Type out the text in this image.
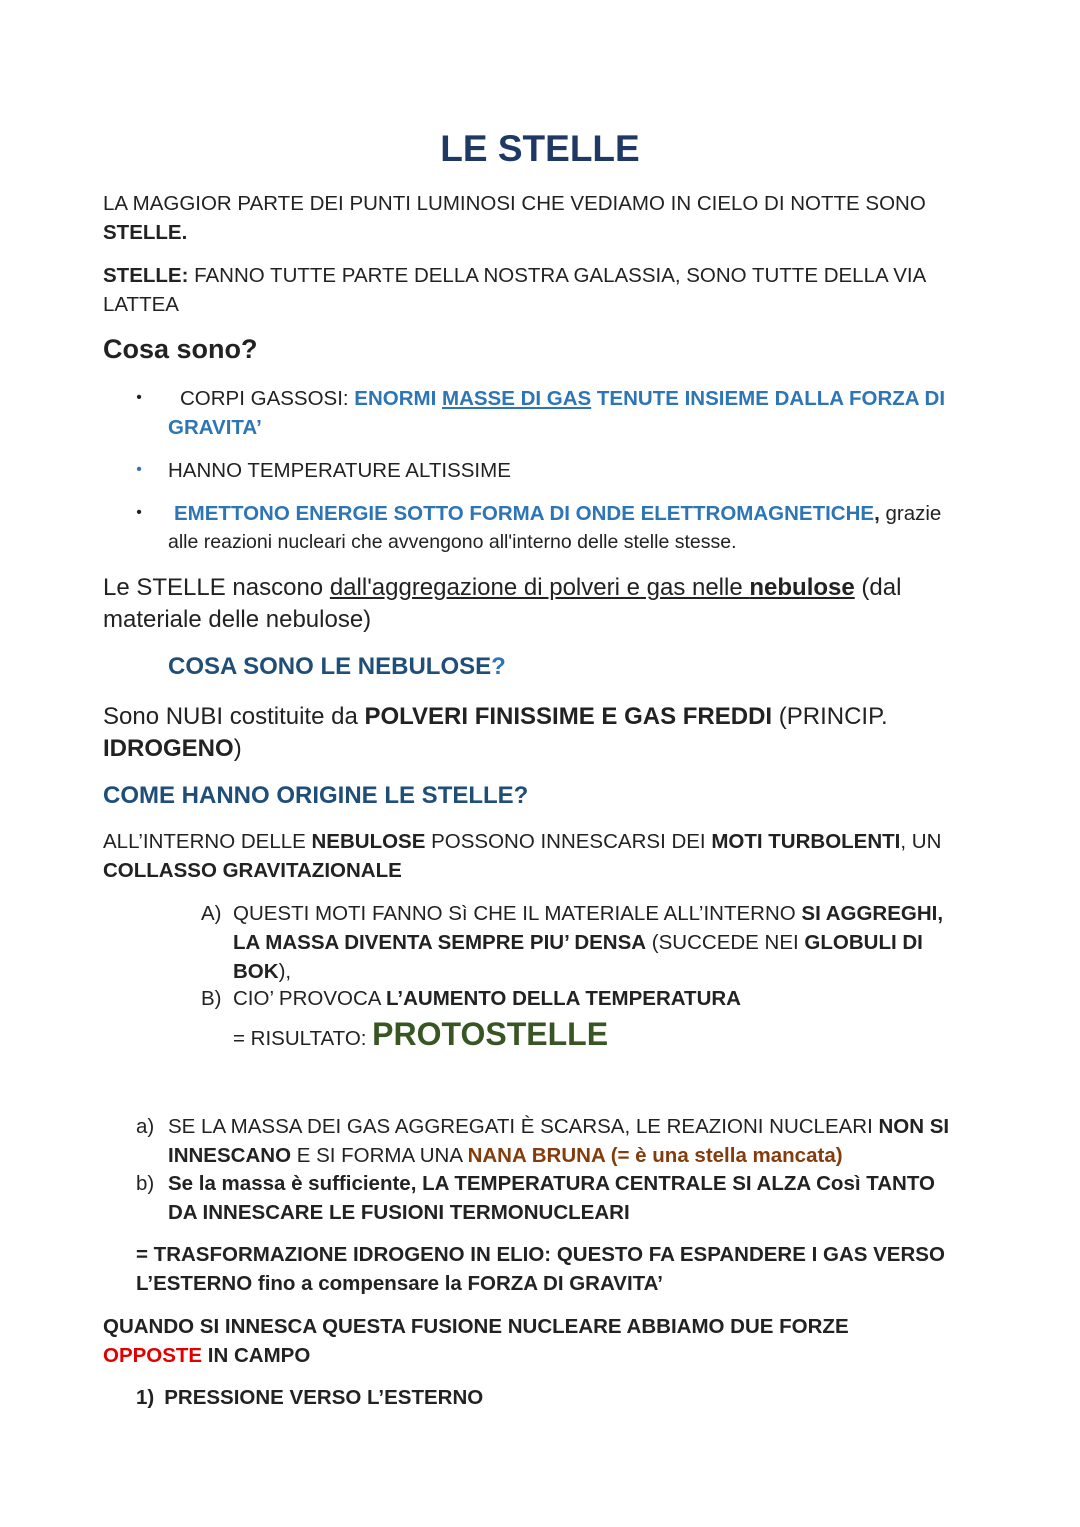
LE STELLE
LA MAGGIOR PARTE DEI PUNTI LUMINOSI CHE VEDIAMO IN CIELO DI NOTTE SONO
STELLE.
STELLE: FANNO TUTTE PARTE DELLA NOSTRA GALASSIA, SONO TUTTE DELLA VIA
LATTEA
Cosa sono?
•	CORPI GASSOSI: ENORMI MASSE DI GAS TENUTE INSIEME DALLA FORZA DI
GRAVITA’
• HANNO TEMPERATURE ALTISSIME
• EMETTONO ENERGIE SOTTO FORMA DI ONDE ELETTROMAGNETICHE, grazie
alle reazioni nucleari che avvengono all'interno delle stelle stesse.
Le STELLE nascono dall'aggregazione di polveri e gas nelle nebulose (dal
materiale delle nebulose)
COSA SONO LE NEBULOSE?
Sono NUBI costituite da POLVERI FINISSIME E GAS FREDDI (PRINCIP.
IDROGENO)
COME HANNO ORIGINE LE STELLE?
ALL’INTERNO DELLE NEBULOSE POSSONO INNESCARSI DEI MOTI TURBOLENTI, UN
COLLASSO GRAVITAZIONALE
A) QUESTI MOTI FANNO Sì CHE IL MATERIALE ALL’INTERNO SI AGGREGHI,
LA MASSA DIVENTA SEMPRE PIU’ DENSA (SUCCEDE NEI GLOBULI DI
BOK),
B) CIO’ PROVOCA L’AUMENTO DELLA TEMPERATURA
= RISULTATO: PROTOSTELLE
a) SE LA MASSA DEI GAS AGGREGATI È SCARSA, LE REAZIONI NUCLEARI NON SI
INNESCANO E SI FORMA UNA NANA BRUNA (= è una stella mancata)
b) Se la massa è sufficiente, LA TEMPERATURA CENTRALE SI ALZA Così TANTO
DA INNESCARE LE FUSIONI TERMONUCLEARI
= TRASFORMAZIONE IDROGENO IN ELIO: QUESTO FA ESPANDERE I GAS VERSO
L’ESTERNO fino a compensare la FORZA DI GRAVITA’
QUANDO SI INNESCA QUESTA FUSIONE NUCLEARE ABBIAMO DUE FORZE
OPPOSTE IN CAMPO
1) PRESSIONE VERSO L’ESTERNO
